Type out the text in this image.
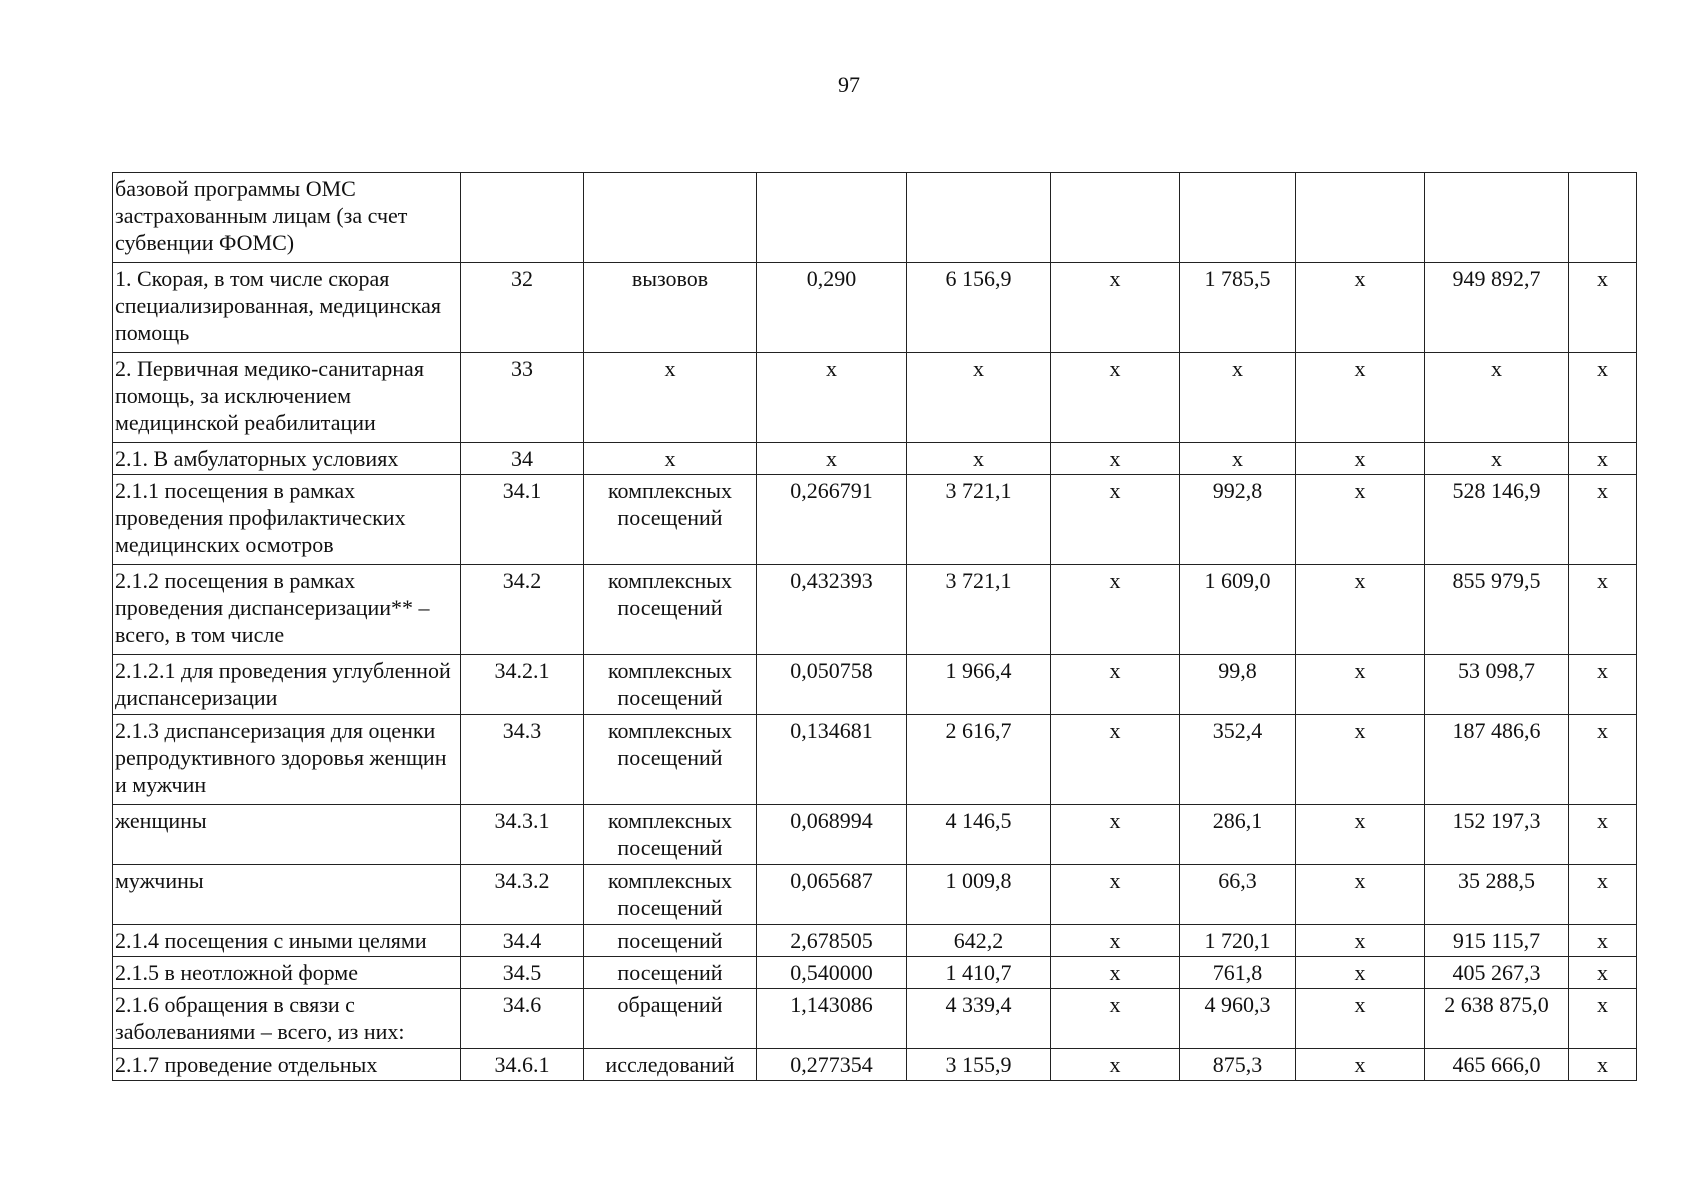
97
базовой программы ОМС застрахованным лицам (за счет субвенции ФОМС)									
1. Скорая, в том числе скорая специализированная, медицинская помощь	32	вызовов	0,290	6 156,9	х	1 785,5	х	949 892,7	х
2. Первичная медико-санитарная помощь, за исключением медицинской реабилитации	33	х	х	х	х	х	х	х	х
2.1. В амбулаторных условиях	34	х	х	х	х	х	х	х	х
2.1.1 посещения в рамках проведения профилактических медицинских осмотров	34.1	комплексных посещений	0,266791	3 721,1	х	992,8	х	528 146,9	х
2.1.2 посещения в рамках проведения диспансеризации** – всего, в том числе	34.2	комплексных посещений	0,432393	3 721,1	х	1 609,0	х	855 979,5	х
2.1.2.1 для проведения углубленной диспансеризации	34.2.1	комплексных посещений	0,050758	1 966,4	х	99,8	х	53 098,7	х
2.1.3 диспансеризация для оценки репродуктивного здоровья женщин и мужчин	34.3	комплексных посещений	0,134681	2 616,7	х	352,4	х	187 486,6	х
женщины	34.3.1	комплексных посещений	0,068994	4 146,5	х	286,1	х	152 197,3	х
мужчины	34.3.2	комплексных посещений	0,065687	1 009,8	х	66,3	х	35 288,5	х
2.1.4 посещения с иными целями	34.4	посещений	2,678505	642,2	х	1 720,1	х	915 115,7	х
2.1.5 в неотложной форме	34.5	посещений	0,540000	1 410,7	х	761,8	х	405 267,3	х
2.1.6 обращения в связи с заболеваниями – всего, из них:	34.6	обращений	1,143086	4 339,4	х	4 960,3	х	2 638 875,0	х
2.1.7 проведение отдельных	34.6.1	исследований	0,277354	3 155,9	х	875,3	х	465 666,0	х
